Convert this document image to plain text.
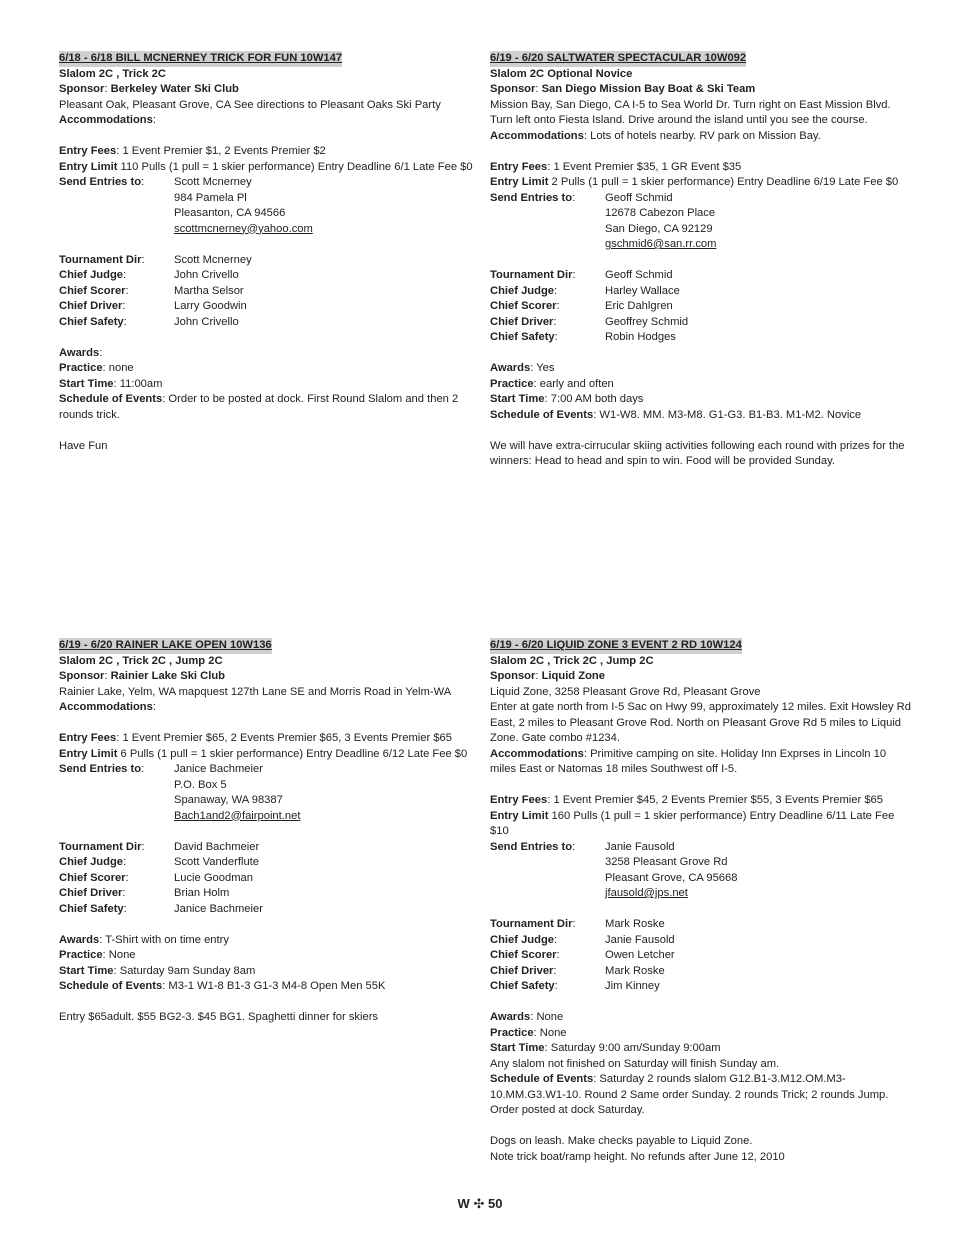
6/18 - 6/18 BILL MCNERNEY TRICK FOR FUN 10W147
Slalom 2C , Trick 2C
Sponsor: Berkeley Water Ski Club
Pleasant Oak, Pleasant Grove, CA See directions to Pleasant Oaks Ski Party
Accommodations:
Entry Fees: 1 Event Premier $1, 2 Events Premier $2
Entry Limit 110 Pulls (1 pull = 1 skier performance) Entry Deadline 6/1 Late Fee $0
Send Entries to:	Scott Mcnerney
984 Pamela Pl
Pleasanton, CA 94566
scottmcnerney@yahoo.com
Tournament Dir:	Scott Mcnerney
Chief Judge:	John Crivello
Chief Scorer:	Martha Selsor
Chief Driver:	Larry Goodwin
Chief Safety:	John Crivello
Awards:
Practice: none
Start Time: 11:00am
Schedule of Events: Order to be posted at dock. First Round Slalom and then 2 rounds trick.
Have Fun
6/19 - 6/20 SALTWATER SPECTACULAR 10W092
Slalom 2C Optional Novice
Sponsor: San Diego Mission Bay Boat & Ski Team
Mission Bay, San Diego, CA I-5 to Sea World Dr. Turn right on East Mission Blvd. Turn left onto Fiesta Island. Drive around the island until you see the course.
Accommodations: Lots of hotels nearby. RV park on Mission Bay.
Entry Fees: 1 Event Premier $35, 1 GR Event $35
Entry Limit 2 Pulls (1 pull = 1 skier performance) Entry Deadline 6/19 Late Fee $0
Send Entries to:	Geoff Schmid
12678 Cabezon Place
San Diego, CA 92129
gschmid6@san.rr.com
Tournament Dir:	Geoff Schmid
Chief Judge:	Harley Wallace
Chief Scorer:	Eric Dahlgren
Chief Driver:	Geoffrey Schmid
Chief Safety:	Robin Hodges
Awards: Yes
Practice: early and often
Start Time: 7:00 AM both days
Schedule of Events: W1-W8. MM. M3-M8. G1-G3. B1-B3. M1-M2. Novice
We will have extra-cirrucular skiing activities following each round with prizes for the winners: Head to head and spin to win. Food will be provided Sunday.
6/19 - 6/20 RAINER LAKE OPEN 10W136
Slalom 2C , Trick 2C , Jump 2C
Sponsor: Rainier Lake Ski Club
Rainier Lake, Yelm, WA mapquest 127th Lane SE and Morris Road in Yelm-WA
Accommodations:
Entry Fees: 1 Event Premier $65, 2 Events Premier $65, 3 Events Premier $65
Entry Limit 6 Pulls (1 pull = 1 skier performance) Entry Deadline 6/12 Late Fee $0
Send Entries to:	Janice Bachmeier
P.O. Box 5
Spanaway, WA 98387
Bach1and2@fairpoint.net
Tournament Dir:	David Bachmeier
Chief Judge:	Scott Vanderflute
Chief Scorer:	Lucie Goodman
Chief Driver:	Brian Holm
Chief Safety:	Janice Bachmeier
Awards: T-Shirt with on time entry
Practice: None
Start Time: Saturday 9am Sunday 8am
Schedule of Events: M3-1 W1-8 B1-3 G1-3 M4-8 Open Men 55K
Entry $65adult. $55 BG2-3. $45 BG1. Spaghetti dinner for skiers
6/19 - 6/20 LIQUID ZONE 3 EVENT 2 RD 10W124
Slalom 2C , Trick 2C , Jump 2C
Sponsor: Liquid Zone
Liquid Zone, 3258 Pleasant Grove Rd, Pleasant Grove
Enter at gate north from I-5 Sac on Hwy 99, approximately 12 miles. Exit Howsley Rd East, 2 miles to Pleasant Grove Rod. North on Pleasant Grove Rd 5 miles to Liquid Zone. Gate combo #1234.
Accommodations: Primitive camping on site. Holiday Inn Exprses in Lincoln 10 miles East or Natomas 18 miles Southwest off I-5.
Entry Fees: 1 Event Premier $45, 2 Events Premier $55, 3 Events Premier $65
Entry Limit 160 Pulls (1 pull = 1 skier performance) Entry Deadline 6/11 Late Fee $10
Send Entries to:	Janie Fausold
3258 Pleasant Grove Rd
Pleasant Grove, CA 95668
jfausold@jps.net
Tournament Dir:	Mark Roske
Chief Judge:	Janie Fausold
Chief Scorer:	Owen Letcher
Chief Driver:	Mark Roske
Chief Safety:	Jim Kinney
Awards: None
Practice: None
Start Time: Saturday 9:00 am/Sunday 9:00am
Any slalom not finished on Saturday will finish Sunday am.
Schedule of Events: Saturday 2 rounds slalom G12.B1-3.M12.OM.M3-10.MM.G3.W1-10. Round 2 Same order Sunday. 2 rounds Trick; 2 rounds Jump. Order posted at dock Saturday.
Dogs on leash. Make checks payable to Liquid Zone.
Note trick boat/ramp height. No refunds after June 12, 2010
W ✣ 50
